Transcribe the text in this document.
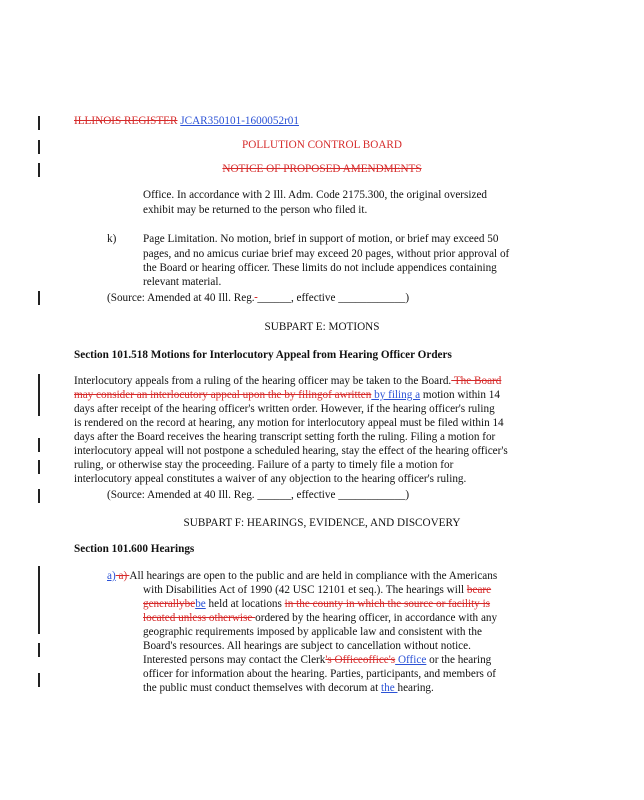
ILLINOIS REGISTER JCAR350101-1600052r01
POLLUTION CONTROL BOARD
NOTICE OF PROPOSED AMENDMENTS
Office. In accordance with 2 Ill. Adm. Code 2175.300, the original oversized
exhibit may be returned to the person who filed it.
k) Page Limitation. No motion, brief in support of motion, or brief may exceed 50
pages, and no amicus curiae brief may exceed 20 pages, without prior approval of
the Board or hearing officer. These limits do not include appendices containing
relevant material.
(Source: Amended at 40 Ill. Reg. ______, effective ____________)
SUBPART E: MOTIONS
Section 101.518 Motions for Interlocutory Appeal from Hearing Officer Orders
Interlocutory appeals from a ruling of the hearing officer may be taken to the Board. The Board
may consider an interlocutory appeal upon the by filingof awritten by filing a motion within 14
days after receipt of the hearing officer's written order. However, if the hearing officer's ruling
is rendered on the record at hearing, any motion for interlocutory appeal must be filed within 14
days after the Board receives the hearing transcript setting forth the ruling. Filing a motion for
interlocutory appeal will not postpone a scheduled hearing, stay the effect of the hearing officer's
ruling, or otherwise stay the proceeding. Failure of a party to timely file a motion for
interlocutory appeal constitutes a waiver of any objection to the hearing officer's ruling.
(Source: Amended at 40 Ill. Reg. ______, effective ____________)
SUBPART F: HEARINGS, EVIDENCE, AND DISCOVERY
Section 101.600 Hearings
a) a) All hearings are open to the public and are held in compliance with the Americans
with Disabilities Act of 1990 (42 USC 12101 et seq.). The hearings will beare
generallybebe held at locations in the county in which the source or facility is
located unless otherwise ordered by the hearing officer, in accordance with any
geographic requirements imposed by applicable law and consistent with the
Board's resources. All hearings are subject to cancellation without notice.
Interested persons may contact the Clerk's Officeoffice's Office or the hearing
officer for information about the hearing. Parties, participants, and members of
the public must conduct themselves with decorum at the hearing.
